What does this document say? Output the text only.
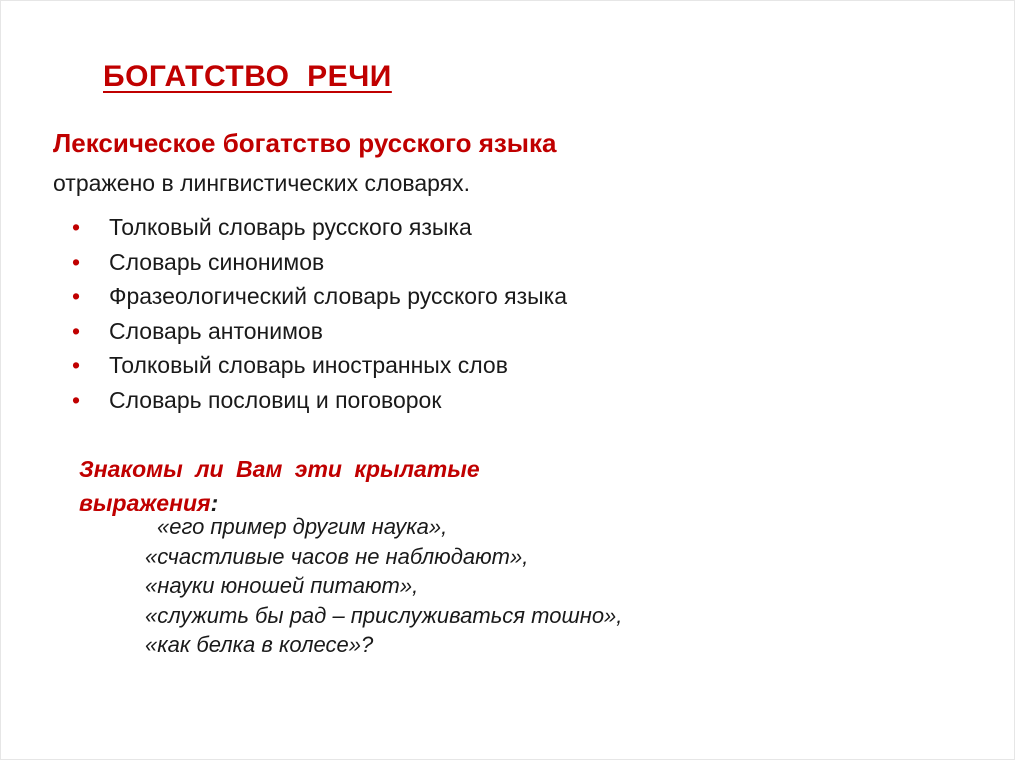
БОГАТСТВО  РЕЧИ
Лексическое богатство русского языка
отражено в лингвистических словарях.
• Толковый словарь русского языка
• Словарь синонимов
• Фразеологический словарь русского языка
• Словарь антонимов
• Толковый словарь иностранных слов
• Словарь пословиц и поговорок
Знакомы ли Вам эти крылатые выражения:
«его пример другим наука»,
«счастливые часов не наблюдают»,
«науки юношей питают»,
«служить бы рад – прислуживаться тошно»,
«как белка в колесе»?
